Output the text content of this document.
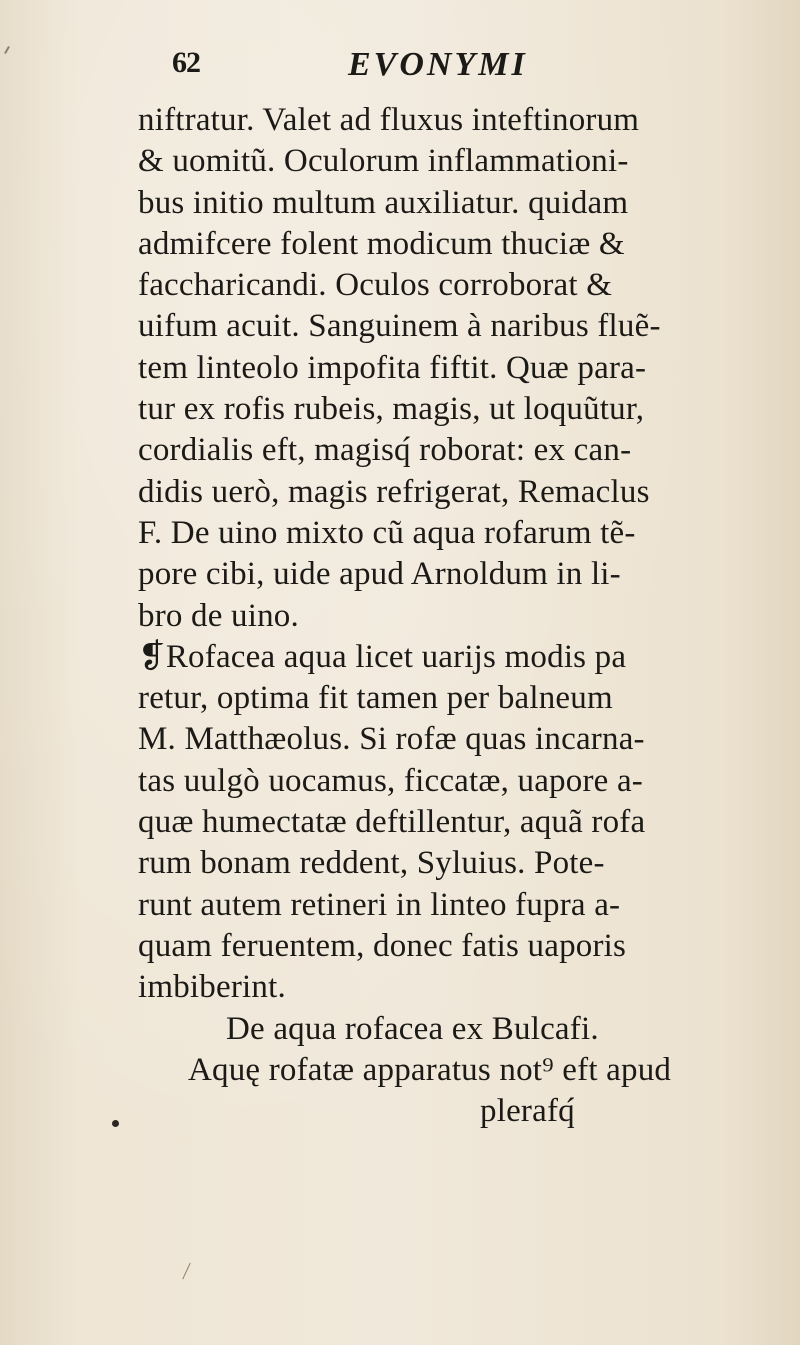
62	EVONYMI
niftratur. Valet ad fluxus inteftinorum
& uomitũ. Oculorum inflammationi-
bus initio multum auxiliatur. quidam
admifcere folent modicum thuciæ &
faccharicandi. Oculos corroborat &
uifum acuit. Sanguinem à naribus fluẽ-
tem linteolo impofita fiftit. Quæ para-
tur ex rofis rubeis, magis, ut loquũtur,
cordialis eft, magisq́ roborat: ex can-
didis uerò, magis refrigerat, Remaclus
F. De uino mixto cũ aqua rofarum tẽ-
pore cibi, uide apud Arnoldum in li-
bro de uino.
❡Rofacea aqua licet uarijs modis pa
retur, optima fit tamen per balneum
M. Matthæolus. Si rofæ quas incarna-
tas uulgò uocamus, ficcatæ, uapore a-
quæ humectatæ deftillentur, aquã rofa
rum bonam reddent, Syluius. Pote-
runt autem retineri in linteo fupra a-
quam feruentem, donec fatis uaporis
imbiberint.
De aqua rofacea ex Bulcafi.
Aquę rofatæ apparatus not⁹ eft apud
plerafq́
